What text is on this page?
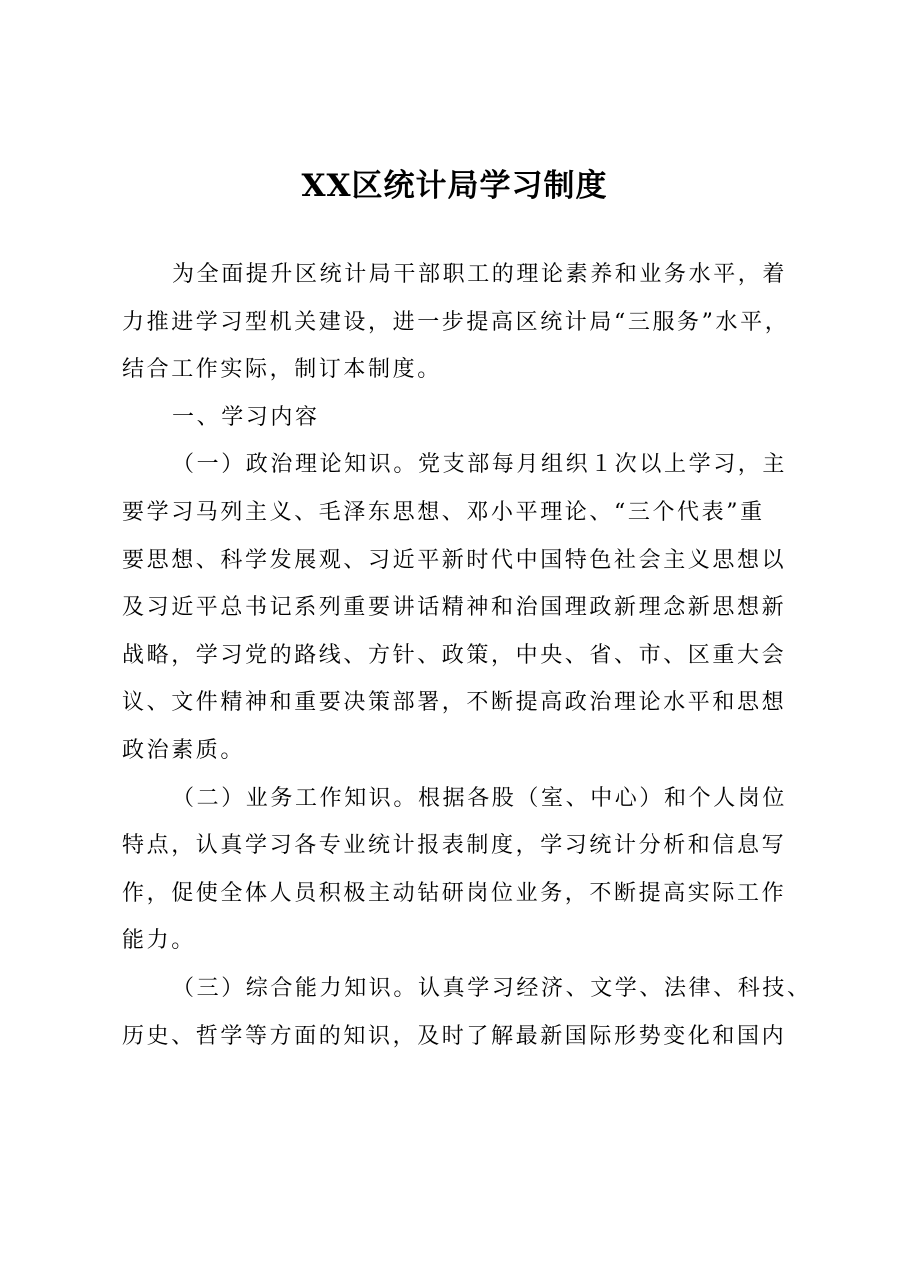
XX区统计局学习制度
为全面提升区统计局干部职工的理论素养和业务水平，着
力推进学习型机关建设，进一步提高区统计局“三服务”水平，
结合工作实际，制订本制度。
一、学习内容
（一）政治理论知识。党支部每月组织１次以上学习，主
要学习马列主义、毛泽东思想、邓小平理论、“三个代表”重
要思想、科学发展观、习近平新时代中国特色社会主义思想以
及习近平总书记系列重要讲话精神和治国理政新理念新思想新
战略，学习党的路线、方针、政策，中央、省、市、区重大会
议、文件精神和重要决策部署，不断提高政治理论水平和思想
政治素质。
（二）业务工作知识。根据各股（室、中心）和个人岗位
特点，认真学习各专业统计报表制度，学习统计分析和信息写
作，促使全体人员积极主动钻研岗位业务，不断提高实际工作
能力。
（三）综合能力知识。认真学习经济、文学、法律、科技、
历史、哲学等方面的知识，及时了解最新国际形势变化和国内
